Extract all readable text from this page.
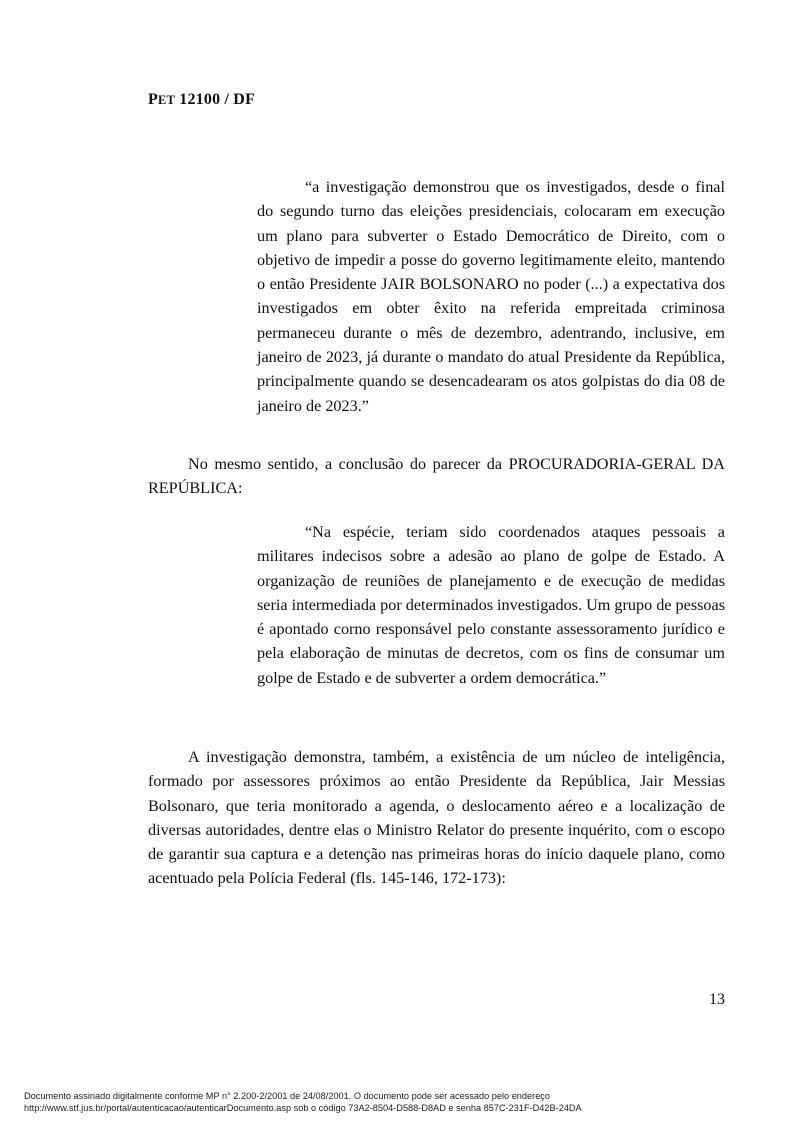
PET 12100 / DF

“a investigação demonstrou que os investigados, desde o final do segundo turno das eleições presidenciais, colocaram em execução um plano para subverter o Estado Democrático de Direito, com o objetivo de impedir a posse do governo legitimamente eleito, mantendo o então Presidente JAIR BOLSONARO no poder (...) a expectativa dos investigados em obter êxito na referida empreitada criminosa permaneceu durante o mês de dezembro, adentrando, inclusive, em janeiro de 2023, já durante o mandato do atual Presidente da República, principalmente quando se desencadearam os atos golpistas do dia 08 de janeiro de 2023.”

No mesmo sentido, a conclusão do parecer da PROCURADORIA-GERAL DA REPÚBLICA:

“Na espécie, teriam sido coordenados ataques pessoais a militares indecisos sobre a adesão ao plano de golpe de Estado. A organização de reuniões de planejamento e de execução de medidas seria intermediada por determinados investigados. Um grupo de pessoas é apontado corno responsável pelo constante assessoramento jurídico e pela elaboração de minutas de decretos, com os fins de consumar um golpe de Estado e de subverter a ordem democrática.”

A investigação demonstra, também, a existência de um núcleo de inteligência, formado por assessores próximos ao então Presidente da República, Jair Messias Bolsonaro, que teria monitorado a agenda, o deslocamento aéreo e a localização de diversas autoridades, dentre elas o Ministro Relator do presente inquérito, com o escopo de garantir sua captura e a detenção nas primeiras horas do início daquele plano, como acentuado pela Polícia Federal (fls. 145-146, 172-173):

13
Documento assinado digitalmente conforme MP n° 2.200-2/2001 de 24/08/2001. O documento pode ser acessado pelo endereço
http://www.stf.jus.br/portal/autenticacao/autenticarDocumento.asp sob o código 73A2-8504-D588-D8AD e senha 857C-231F-D42B-24DA
